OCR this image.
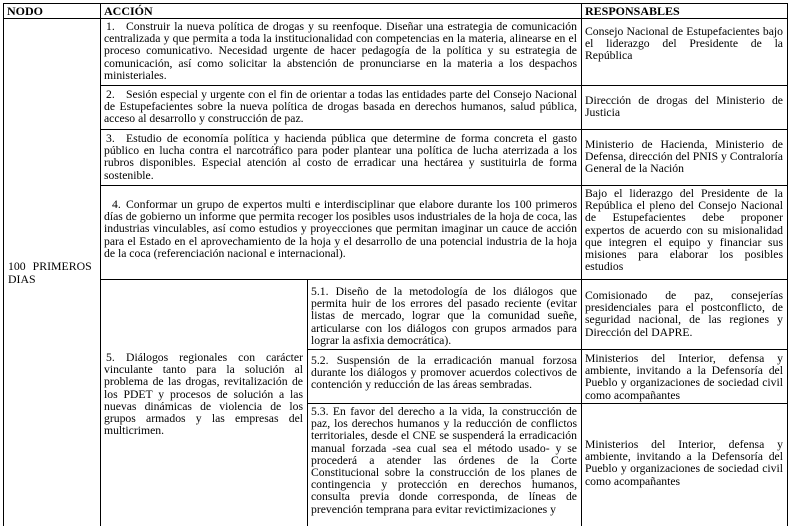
NODO	ACCIÓN	RESPONSABLES
100 PRIMEROS DIAS
1. Construir la nueva política de drogas y su reenfoque. Diseñar una estrategia de comunicación centralizada y que permita a toda la institucionalidad con competencias en la materia, alinearse en el proceso comunicativo. Necesidad urgente de hacer pedagogía de la política y su estrategia de comunicación, así como solicitar la abstención de pronunciarse en la materia a los despachos ministeriales.
Consejo Nacional de Estupefacientes bajo el liderazgo del Presidente de la República
2. Sesión especial y urgente con el fin de orientar a todas las entidades parte del Consejo Nacional de Estupefacientes sobre la nueva política de drogas basada en derechos humanos, salud pública, acceso al desarrollo y construcción de paz.
Dirección de drogas del Ministerio de Justicia
3. Estudio de economía política y hacienda pública que determine de forma concreta el gasto público en lucha contra el narcotráfico para poder plantear una política de lucha aterrizada a los rubros disponibles. Especial atención al costo de erradicar una hectárea y sustituirla de forma sostenible.
Ministerio de Hacienda, Ministerio de Defensa, dirección del PNIS y Contraloría General de la Nación
4. Conformar un grupo de expertos multi e interdisciplinar que elabore durante los 100 primeros días de gobierno un informe que permita recoger los posibles usos industriales de la hoja de coca, las industrias vinculables, así como estudios y proyecciones que permitan imaginar un cauce de acción para el Estado en el aprovechamiento de la hoja y el desarrollo de una potencial industria de la hoja de la coca (referenciación nacional e internacional).
Bajo el liderazgo del Presidente de la República el pleno del Consejo Nacional de Estupefacientes debe proponer expertos de acuerdo con su misionalidad que integren el equipo y financiar sus misiones para elaborar los posibles estudios
5. Diálogos regionales con carácter vinculante tanto para la solución al problema de las drogas, revitalización de los PDET y procesos de solución a las nuevas dinámicas de violencia de los grupos armados y las empresas del multicrimen.
5.1. Diseño de la metodología de los diálogos que permita huir de los errores del pasado reciente (evitar listas de mercado, lograr que la comunidad sueñe, articularse con los diálogos con grupos armados para lograr la asfixia democrática).
Comisionado de paz, consejerías presidenciales para el postconflicto, de seguridad nacional, de las regiones y Dirección del DAPRE.
5.2. Suspensión de la erradicación manual forzosa durante los diálogos y promover acuerdos colectivos de contención y reducción de las áreas sembradas.
Ministerios del Interior, defensa y ambiente, invitando a la Defensoría del Pueblo y organizaciones de sociedad civil como acompañantes
5.3. En favor del derecho a la vida, la construcción de paz, los derechos humanos y la reducción de conflictos territoriales, desde el CNE se suspenderá la erradicación manual forzada -sea cual sea el método usado- y se procederá a atender las órdenes de la Corte Constitucional sobre la construcción de los planes de contingencia y protección en derechos humanos, consulta previa donde corresponda, de líneas de prevención temprana para evitar revictimizaciones y
Ministerios del Interior, defensa y ambiente, invitando a la Defensoría del Pueblo y organizaciones de sociedad civil como acompañantes
